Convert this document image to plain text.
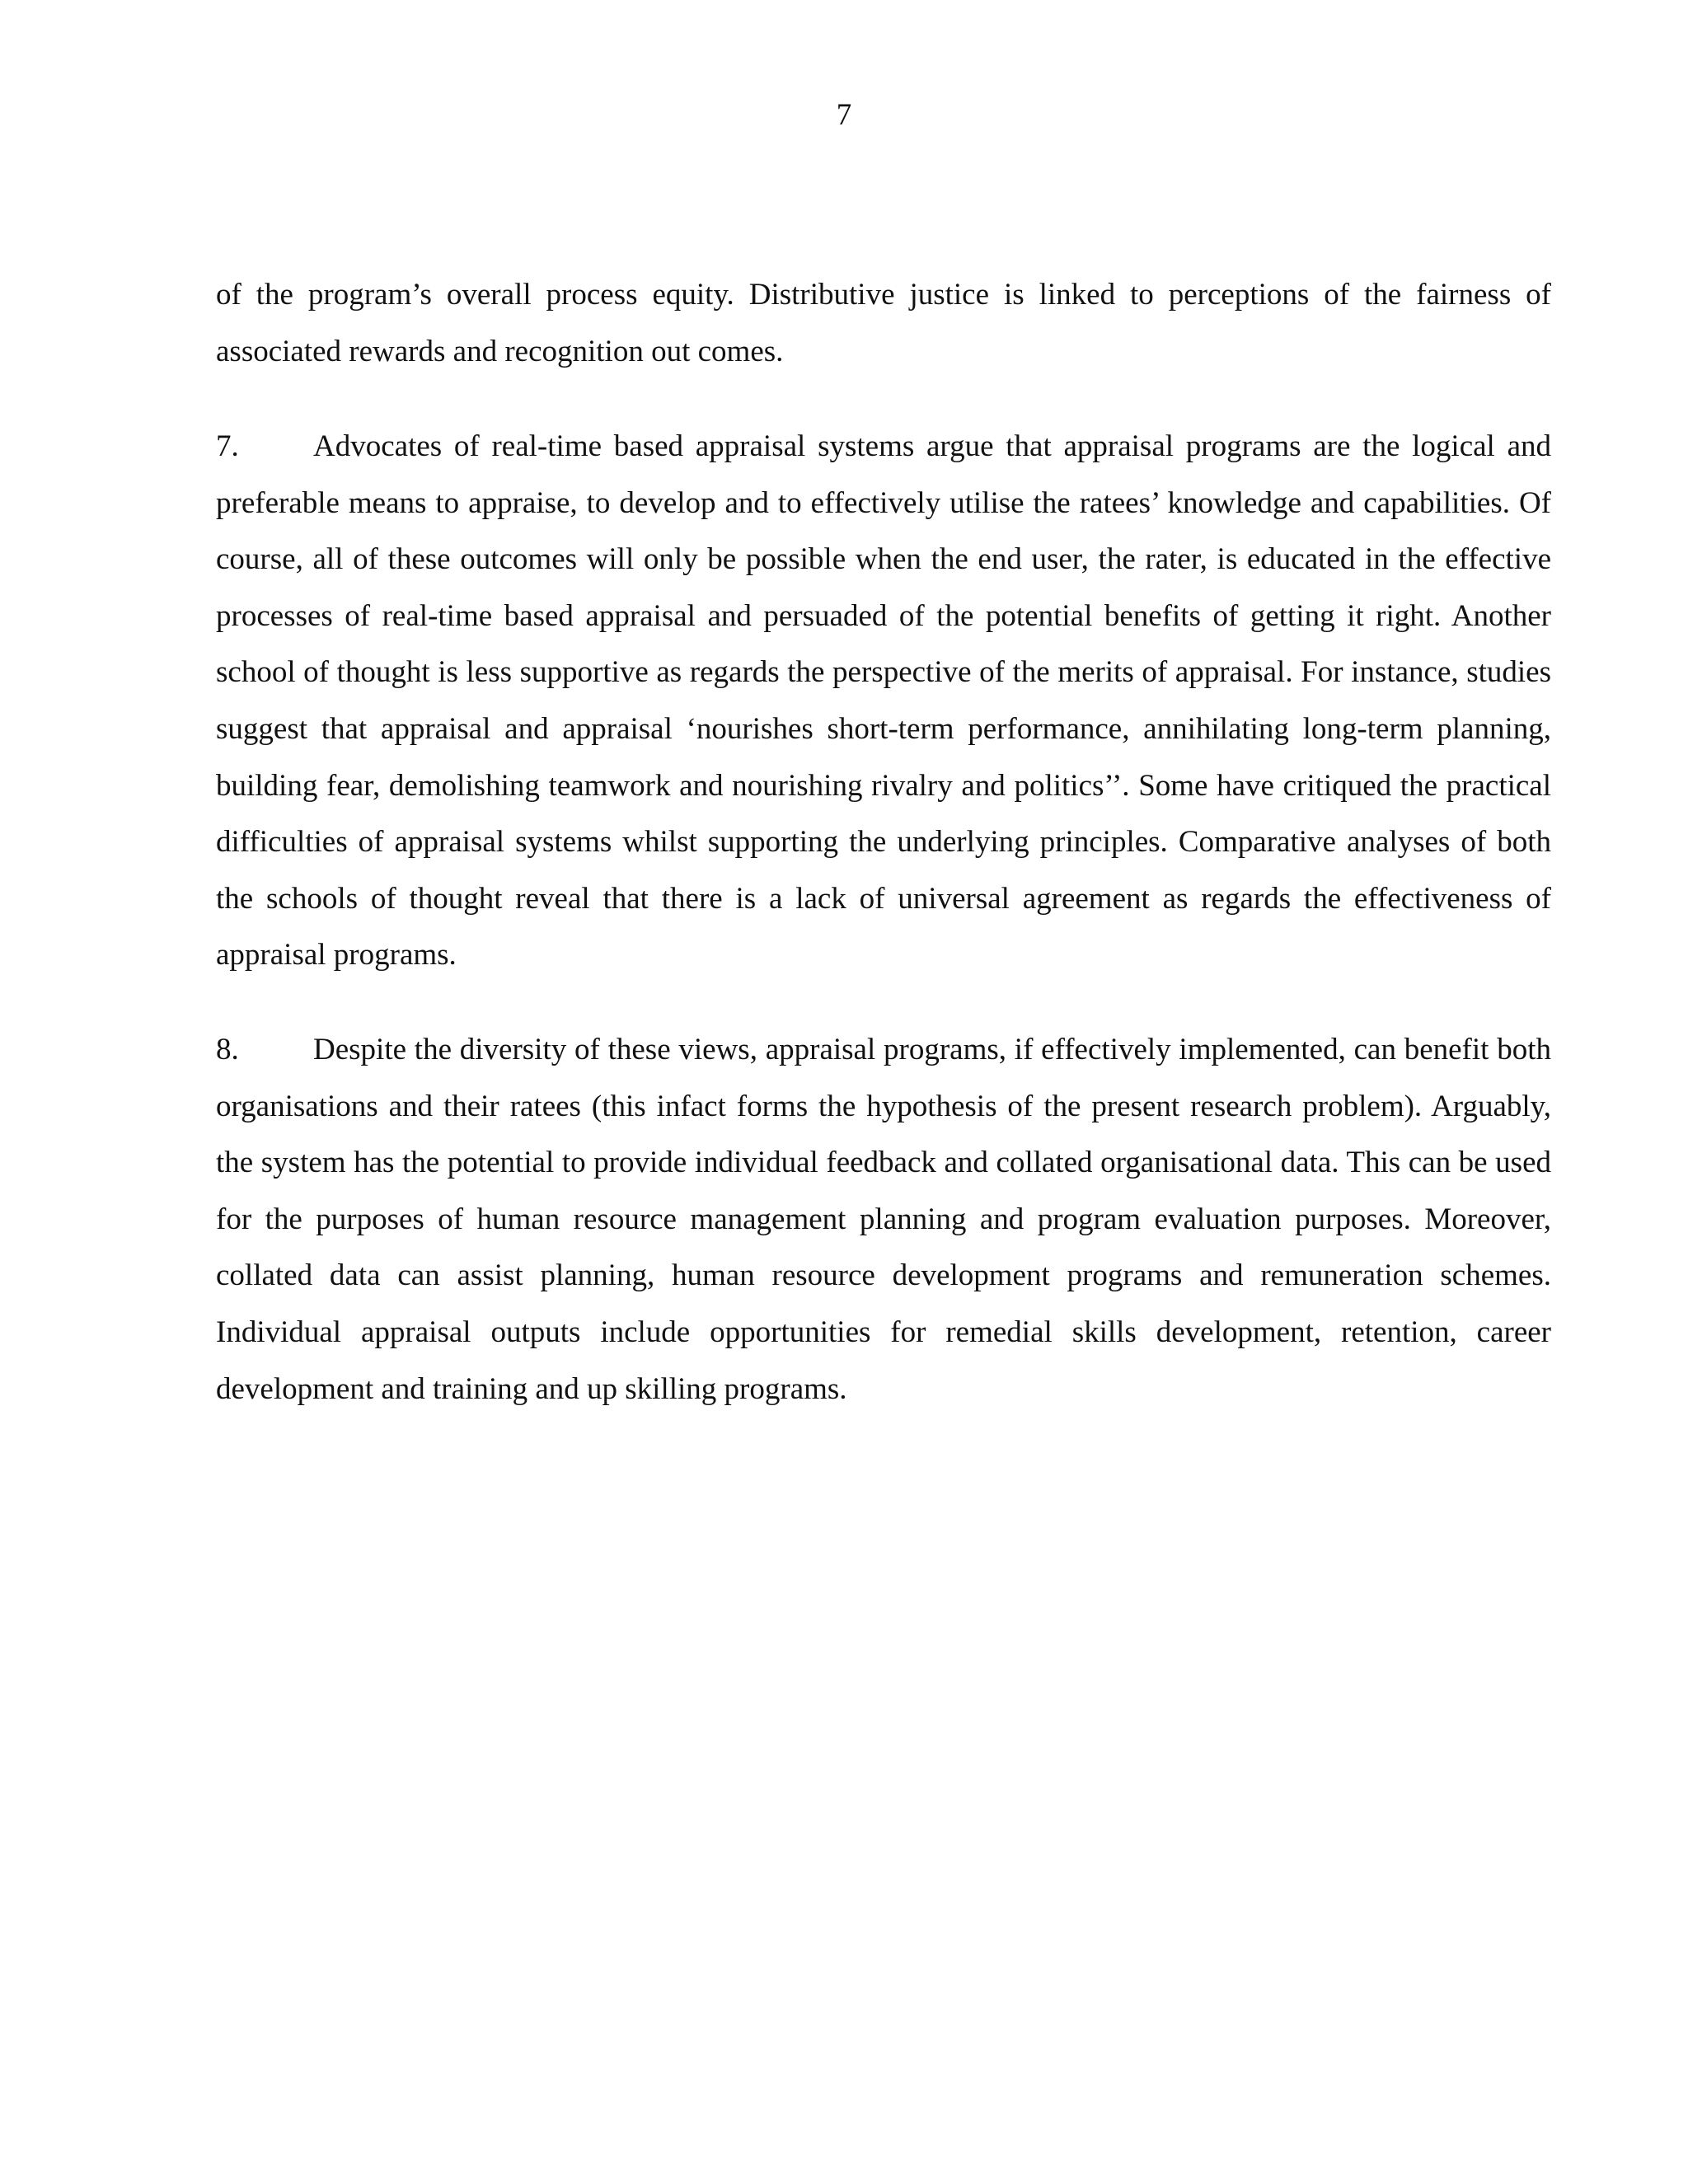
7

of the program’s overall process equity. Distributive justice is linked to perceptions of the fairness of associated rewards and recognition out comes.

7. Advocates of real-time based appraisal systems argue that appraisal programs are the logical and preferable means to appraise, to develop and to effectively utilise the ratees’ knowledge and capabilities. Of course, all of these outcomes will only be possible when the end user, the rater, is educated in the effective processes of real-time based appraisal and persuaded of the potential benefits of getting it right. Another school of thought is less supportive as regards the perspective of the merits of appraisal. For instance, studies suggest that appraisal and appraisal ‘nourishes short-term performance, annihilating long-term planning, building fear, demolishing teamwork and nourishing rivalry and politics’’. Some have critiqued the practical difficulties of appraisal systems whilst supporting the underlying principles. Comparative analyses of both the schools of thought reveal that there is a lack of universal agreement as regards the effectiveness of appraisal programs.

8. Despite the diversity of these views, appraisal programs, if effectively implemented, can benefit both organisations and their ratees (this infact forms the hypothesis of the present research problem). Arguably, the system has the potential to provide individual feedback and collated organisational data. This can be used for the purposes of human resource management planning and program evaluation purposes. Moreover, collated data can assist planning, human resource development programs and remuneration schemes. Individual appraisal outputs include opportunities for remedial skills development, retention, career development and training and up skilling programs.
